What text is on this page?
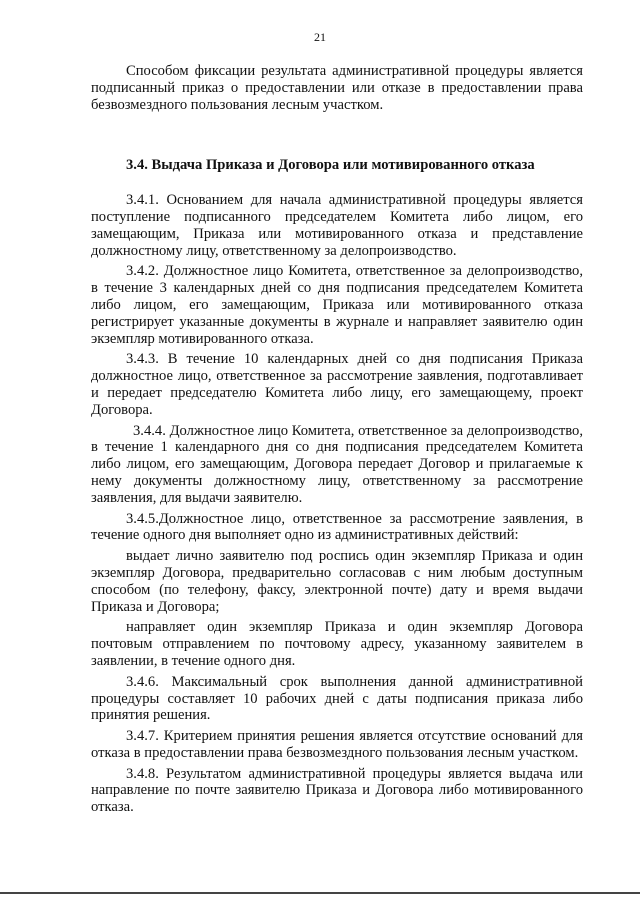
21

Способом фиксации результата административной процедуры является подписанный приказ о предоставлении или отказе в предоставлении права безвозмездного пользования лесным участком.

3.4. Выдача Приказа и Договора или мотивированного отказа

3.4.1. Основанием для начала административной процедуры является поступление подписанного председателем Комитета либо лицом, его замещающим, Приказа или мотивированного отказа и представление должностному лицу, ответственному за делопроизводство.

3.4.2. Должностное лицо Комитета, ответственное за делопроизводство, в течение 3 календарных дней со дня подписания председателем Комитета либо лицом, его замещающим, Приказа или мотивированного отказа регистрирует указанные документы в журнале и направляет заявителю один экземпляр мотивированного отказа.

3.4.3. В течение 10 календарных дней со дня подписания Приказа должностное лицо, ответственное за рассмотрение заявления, подготавливает и передает председателю Комитета либо лицу, его замещающему, проект Договора.

3.4.4. Должностное лицо Комитета, ответственное за делопроизводство, в течение 1 календарного дня со дня подписания председателем Комитета либо лицом, его замещающим, Договора передает Договор и прилагаемые к нему документы должностному лицу, ответственному за рассмотрение заявления, для выдачи заявителю.

3.4.5.Должностное лицо, ответственное за рассмотрение заявления, в течение одного дня выполняет одно из административных действий:

выдает лично заявителю под роспись один экземпляр Приказа и один экземпляр Договора, предварительно согласовав с ним любым доступным способом (по телефону, факсу, электронной почте) дату и время выдачи Приказа и Договора;

направляет один экземпляр Приказа и один экземпляр Договора почтовым отправлением по почтовому адресу, указанному заявителем в заявлении, в течение одного дня.

3.4.6. Максимальный срок выполнения данной административной процедуры составляет 10 рабочих дней с даты подписания приказа либо принятия решения.

3.4.7. Критерием принятия решения является отсутствие оснований для отказа в предоставлении права безвозмездного пользования лесным участком.

3.4.8. Результатом административной процедуры является выдача или направление по почте заявителю Приказа и Договора либо мотивированного отказа.
